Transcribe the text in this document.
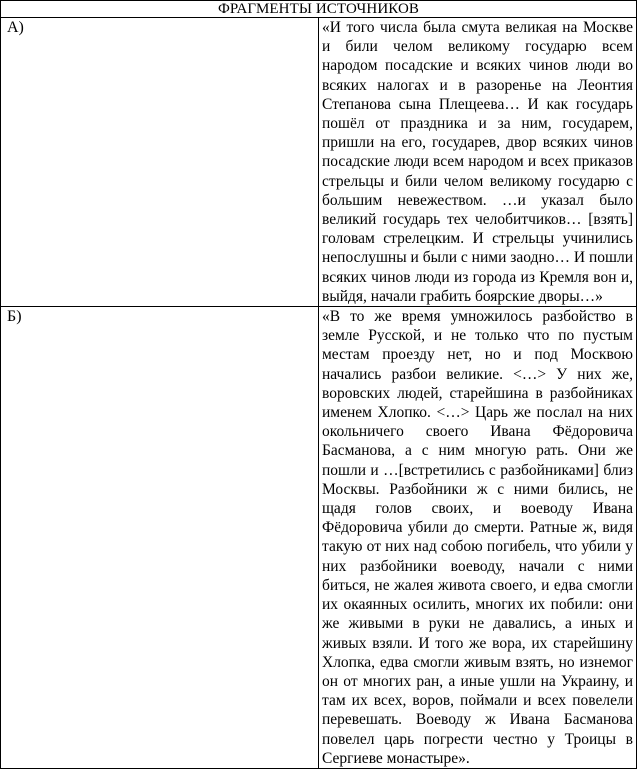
ФРАГМЕНТЫ ИСТОЧНИКОВ	
А)	«И того числа была смута великая на Москве и били челом великому государю всем народом посадские и всяких чинов люди во всяких налогах и в разоренье на Леонтия Степанова сына Плещеева… И как государь пошёл от праздника и за ним, государем, пришли на его, государев, двор всяких чинов посадские люди всем народом и всех приказов стрельцы и били челом великому государю с большим невежеством. …и указал было великий государь тех челобитчиков… [взять] головам стрелецким. И стрельцы учинились непослушны и были с ними заодно… И пошли всяких чинов люди из города из Кремля вон и, выйдя, начали грабить боярские дворы…»
Б)	«В то же время умножилось разбойство в земле Русской, и не только что по пустым местам проезду нет, но и под Москвою начались разбои великие. <…> У них же, воровских людей, старейшина в разбойниках именем Хлопко. <…> Царь же послал на них окольничего своего Ивана Фёдоровича Басманова, а с ним многую рать. Они же пошли и …[встретились с разбойниками] близ Москвы. Разбойники ж с ними бились, не щадя голов своих, и воеводу Ивана Фёдоровича убили до смерти. Ратные ж, видя такую от них над собою погибель, что убили у них разбойники воеводу, начали с ними биться, не жалея живота своего, и едва смогли их окаянных осилить, многих их побили: они же живыми в руки не давались, а иных и живых взяли. И того же вора, их старейшину Хлопка, едва смогли живым взять, но изнемог он от многих ран, а иные ушли на Украину, и там их всех, воров, поймали и всех повелели перевешать. Воеводу ж Ивана Басманова повелел царь погрести честно у Троицы в Сергиеве монастыре».
